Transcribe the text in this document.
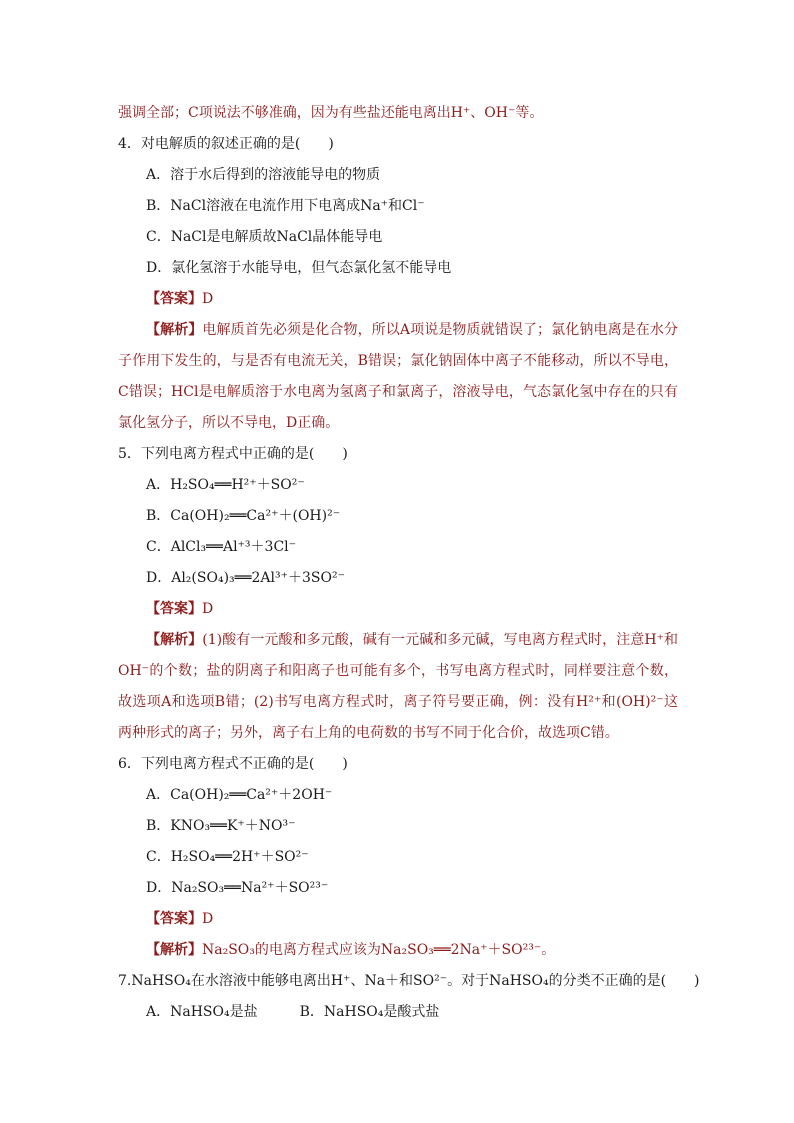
强调全部；C项说法不够准确，因为有些盐还能电离出H⁺、OH⁻等。
4．对电解质的叙述正确的是(　　)
A．溶于水后得到的溶液能导电的物质
B．NaCl溶液在电流作用下电离成Na⁺和Cl⁻
C．NaCl是电解质故NaCl晶体能导电
D．氯化氢溶于水能导电，但气态氯化氢不能导电
【答案】D
【解析】电解质首先必须是化合物，所以A项说是物质就错误了；氯化钠电离是在水分子作用下发生的，与是否有电流无关，B错误；氯化钠固体中离子不能移动，所以不导电，C错误；HCl是电解质溶于水电离为氢离子和氯离子，溶液导电，气态氯化氢中存在的只有氯化氢分子，所以不导电，D正确。
5．下列电离方程式中正确的是(　　)
A．H₂SO₄══H²⁺＋SO²⁻
B．Ca(OH)₂══Ca²⁺＋(OH)²⁻
C．AlCl₃══Al⁺³＋3Cl⁻
D．Al₂(SO₄)₃══2Al³⁺＋3SO²⁻
【答案】D
【解析】(1)酸有一元酸和多元酸，碱有一元碱和多元碱，写电离方程式时，注意H⁺和OH⁻的个数；盐的阴离子和阳离子也可能有多个，书写电离方程式时，同样要注意个数，故选项A和选项B错；(2)书写电离方程式时，离子符号要正确，例：没有H²⁺和(OH)²⁻这两种形式的离子；另外，离子右上角的电荷数的书写不同于化合价，故选项C错。
6．下列电离方程式不正确的是(　　)
A．Ca(OH)₂══Ca²⁺＋2OH⁻
B．KNO₃══K⁺＋NO³⁻
C．H₂SO₄══2H⁺＋SO²⁻
D．Na₂SO₃══Na²⁺＋SO²³⁻
【答案】D
【解析】Na₂SO₃的电离方程式应该为Na₂SO₃══2Na⁺＋SO²³⁻。
7.NaHSO₄在水溶液中能够电离出H⁺、Na＋和SO²⁻。对于NaHSO₄的分类不正确的是(　　)
A．NaHSO₄是盐　　　B．NaHSO₄是酸式盐
